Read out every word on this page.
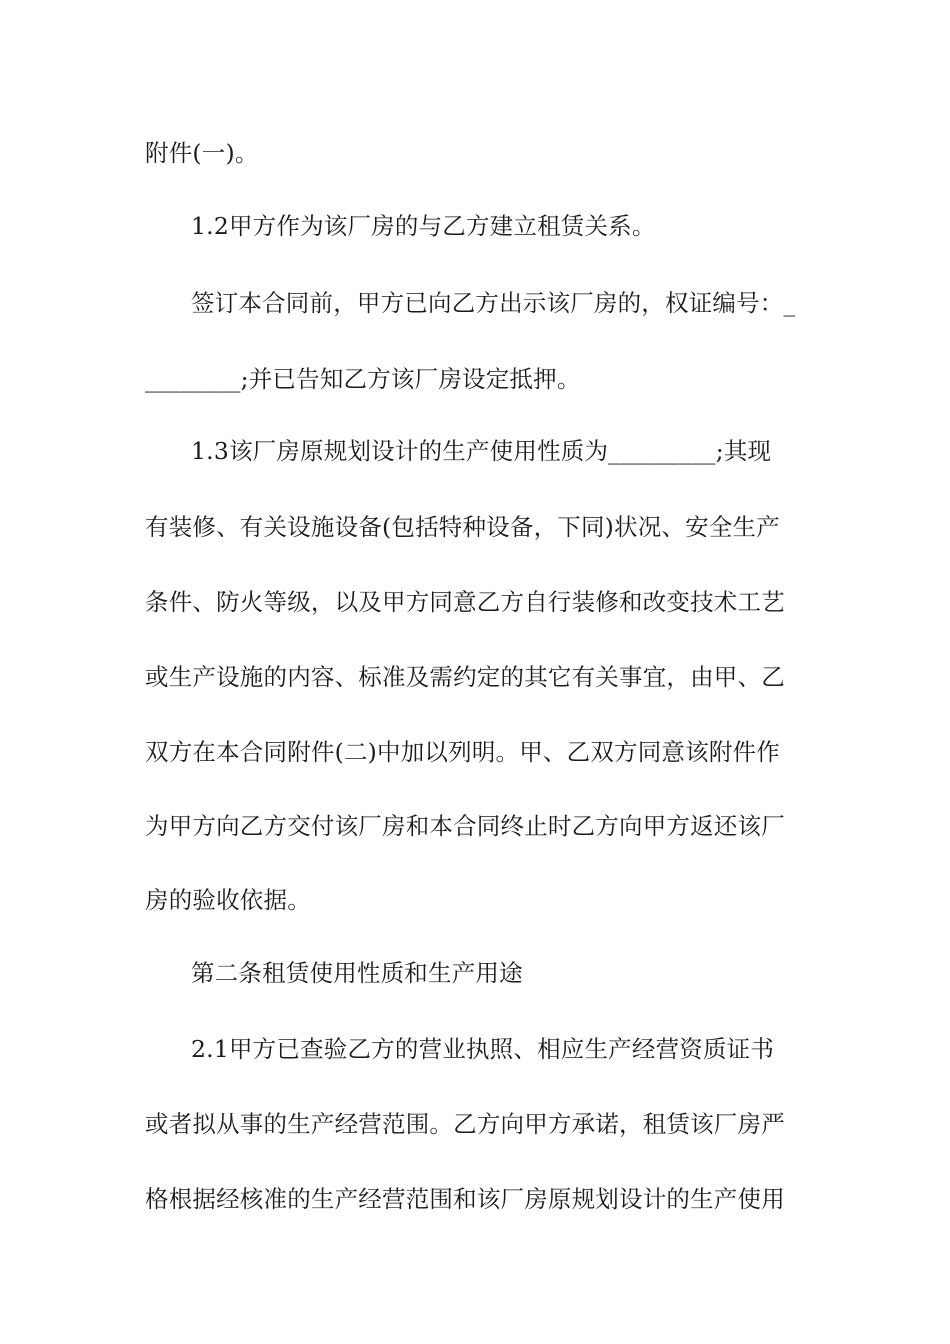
附件(一)。
1.2甲方作为该厂房的与乙方建立租赁关系。
签订本合同前，甲方已向乙方出示该厂房的，权证编号：_
________;并已告知乙方该厂房设定抵押。
1.3该厂房原规划设计的生产使用性质为_________;其现
有装修、有关设施设备(包括特种设备，下同)状况、安全生产
条件、防火等级，以及甲方同意乙方自行装修和改变技术工艺
或生产设施的内容、标准及需约定的其它有关事宜，由甲、乙
双方在本合同附件(二)中加以列明。甲、乙双方同意该附件作
为甲方向乙方交付该厂房和本合同终止时乙方向甲方返还该厂
房的验收依据。
第二条租赁使用性质和生产用途
2.1甲方已查验乙方的营业执照、相应生产经营资质证书
或者拟从事的生产经营范围。乙方向甲方承诺，租赁该厂房严
格根据经核准的生产经营范围和该厂房原规划设计的生产使用
